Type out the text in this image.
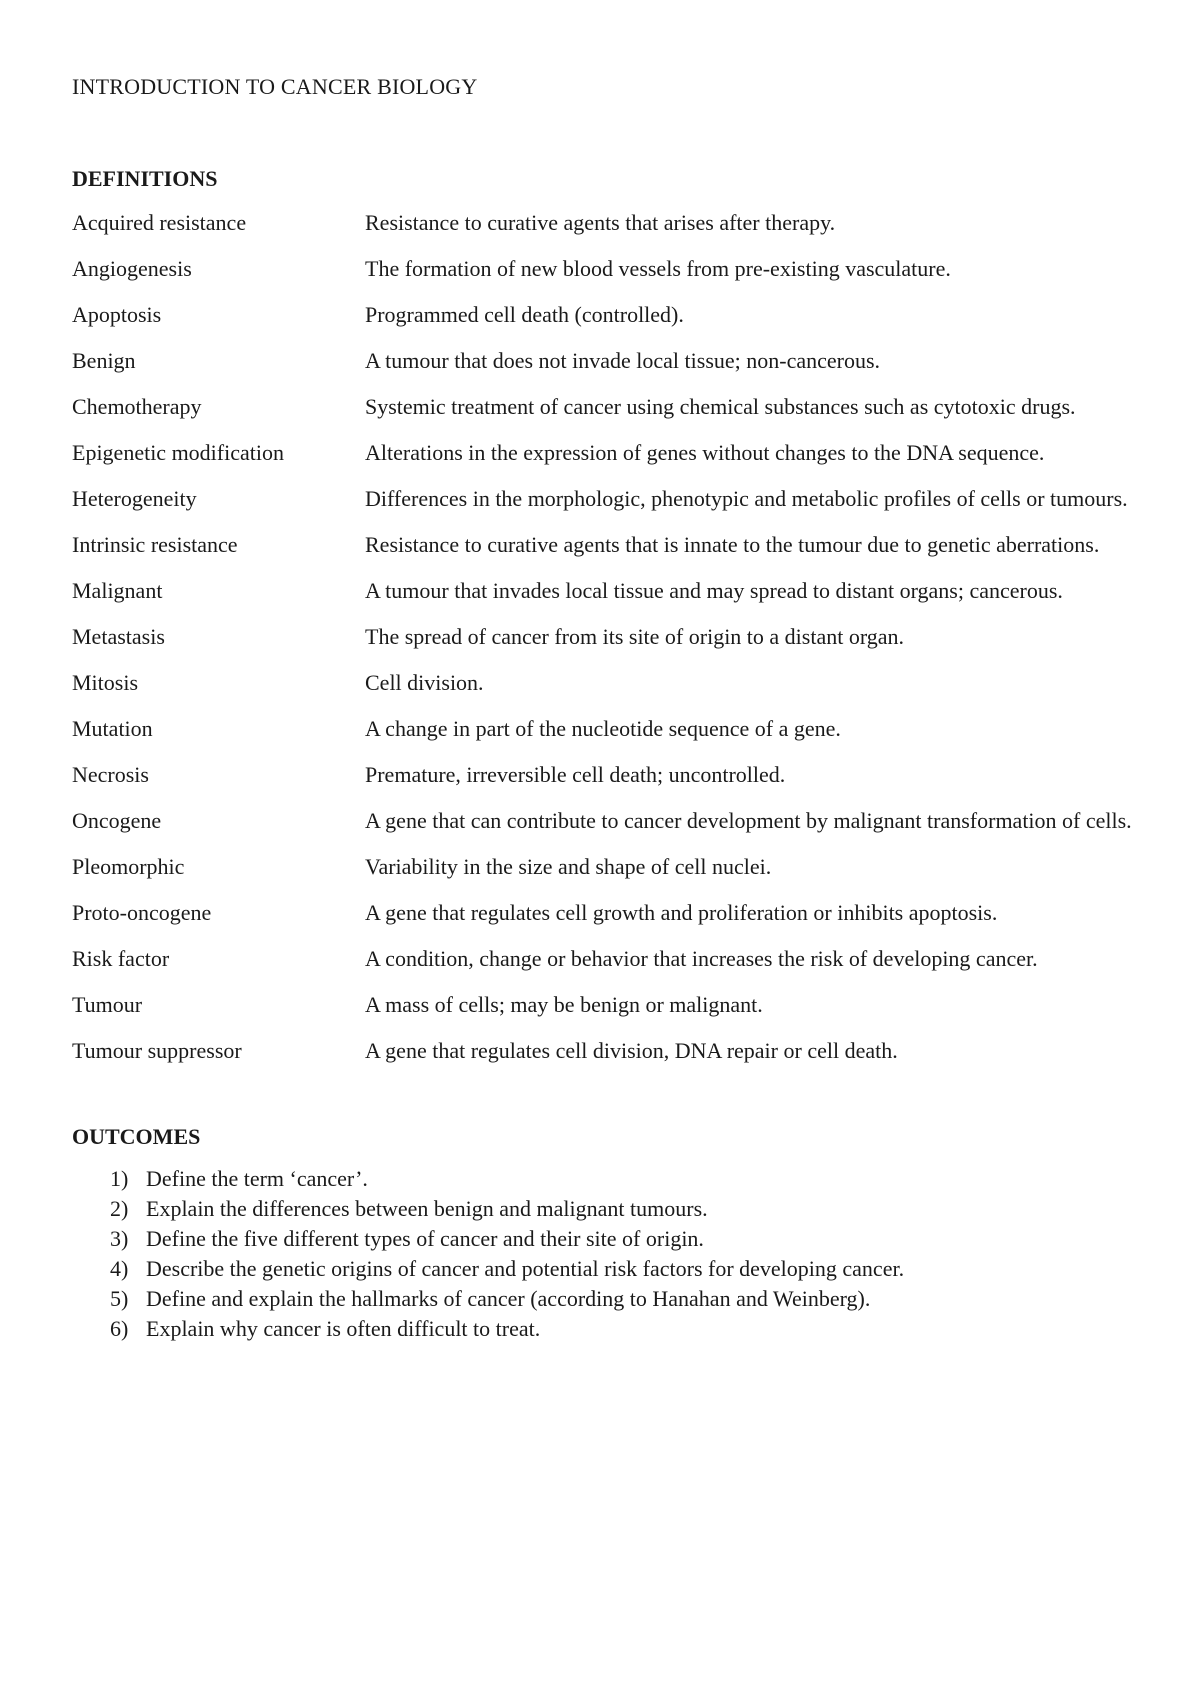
INTRODUCTION TO CANCER BIOLOGY
DEFINITIONS
Acquired resistance	Resistance to curative agents that arises after therapy.
Angiogenesis	The formation of new blood vessels from pre-existing vasculature.
Apoptosis	Programmed cell death (controlled).
Benign	A tumour that does not invade local tissue; non-cancerous.
Chemotherapy	Systemic treatment of cancer using chemical substances such as cytotoxic drugs.
Epigenetic modification	Alterations in the expression of genes without changes to the DNA sequence.
Heterogeneity	Differences in the morphologic, phenotypic and metabolic profiles of cells or tumours.
Intrinsic resistance	Resistance to curative agents that is innate to the tumour due to genetic aberrations.
Malignant	A tumour that invades local tissue and may spread to distant organs; cancerous.
Metastasis	The spread of cancer from its site of origin to a distant organ.
Mitosis	Cell division.
Mutation	A change in part of the nucleotide sequence of a gene.
Necrosis	Premature, irreversible cell death; uncontrolled.
Oncogene	A gene that can contribute to cancer development by malignant transformation of cells.
Pleomorphic	Variability in the size and shape of cell nuclei.
Proto-oncogene	A gene that regulates cell growth and proliferation or inhibits apoptosis.
Risk factor	A condition, change or behavior that increases the risk of developing cancer.
Tumour	A mass of cells; may be benign or malignant.
Tumour suppressor	A gene that regulates cell division, DNA repair or cell death.
OUTCOMES
1) Define the term ‘cancer’.
2) Explain the differences between benign and malignant tumours.
3) Define the five different types of cancer and their site of origin.
4) Describe the genetic origins of cancer and potential risk factors for developing cancer.
5) Define and explain the hallmarks of cancer (according to Hanahan and Weinberg).
6) Explain why cancer is often difficult to treat.
